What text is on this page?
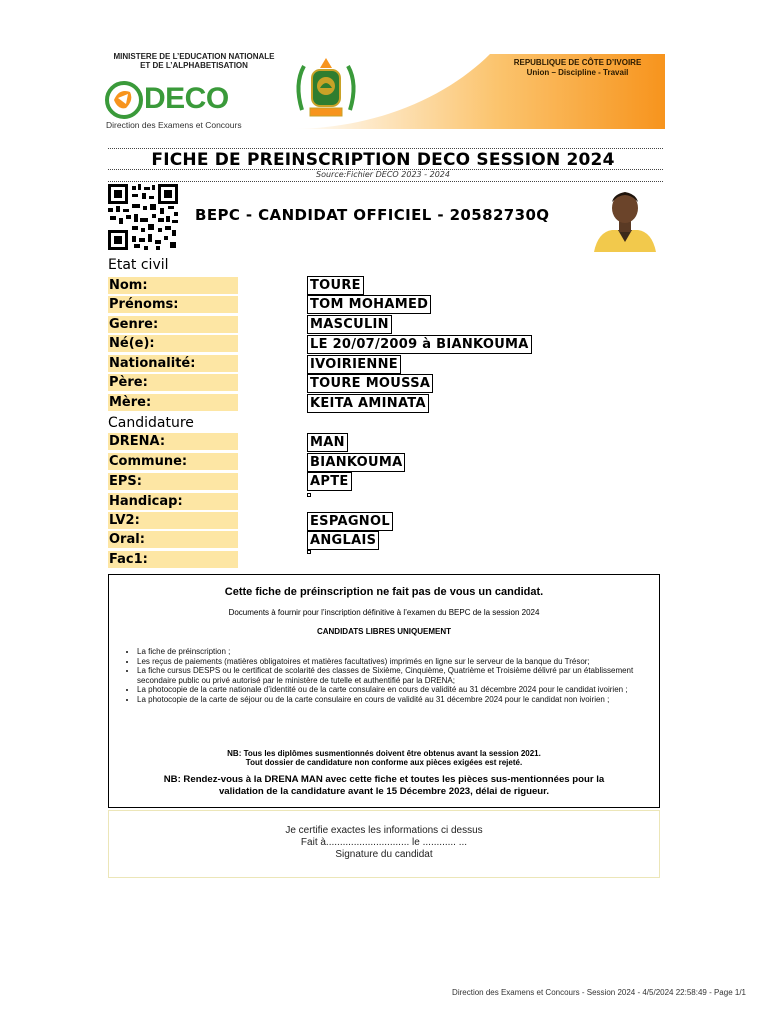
MINISTERE DE L’EDUCATION NATIONALE
ET DE L’ALPHABETISATION
DECO
Direction des Examens et Concours
REPUBLIQUE DE CÔTE D’IVOIRE
Union – Discipline - Travail
FICHE DE PREINSCRIPTION DECO SESSION 2024
Source:Fichier DECO 2023 - 2024
BEPC - CANDIDAT OFFICIEL - 20582730Q
Etat civil
Nom:	TOURE
Prénoms:	TOM MOHAMED
Genre:	MASCULIN
Né(e):	LE 20/07/2009 à BIANKOUMA
Nationalité:	IVOIRIENNE
Père:	TOURE MOUSSA
Mère:	KEITA AMINATA
Candidature
DRENA:	MAN
Commune:	BIANKOUMA
EPS:	APTE
Handicap:
LV2:	ESPAGNOL
Oral:	ANGLAIS
Fac1:
Cette fiche de préinscription ne fait pas de vous un candidat.
Documents à fournir pour l’inscription définitive à l’examen du BEPC de la session 2024
CANDIDATS LIBRES UNIQUEMENT
• La fiche de préinscription ;
• Les reçus de paiements (matières obligatoires et matières facultatives) imprimés en ligne sur le serveur de la banque du Trésor;
• La fiche cursus DESPS ou le certificat de scolarité des classes de Sixième, Cinquième, Quatrième et Troisième délivré par un établissement secondaire public ou privé autorisé par le ministère de tutelle et authentifié par la DRENA;
• La photocopie de la carte nationale d’identité ou de la carte consulaire en cours de validité au 31 décembre 2024 pour le candidat ivoirien ;
• La photocopie de la carte de séjour ou de la carte consulaire en cours de validité au 31 décembre 2024 pour le candidat non ivoirien ;
NB: Tous les diplômes susmentionnés doivent être obtenus avant la session 2021.
Tout dossier de candidature non conforme aux pièces exigées est rejeté.
NB: Rendez-vous à la DRENA MAN avec cette fiche et toutes les pièces sus-mentionnées pour la
validation de la candidature avant le 15 Décembre 2023, délai de rigueur.
Je certifie exactes les informations ci dessus
Fait à.............................. le ............ ...
Signature du candidat
Direction des Examens et Concours - Session 2024 - 4/5/2024 22:58:49 - Page 1/1
